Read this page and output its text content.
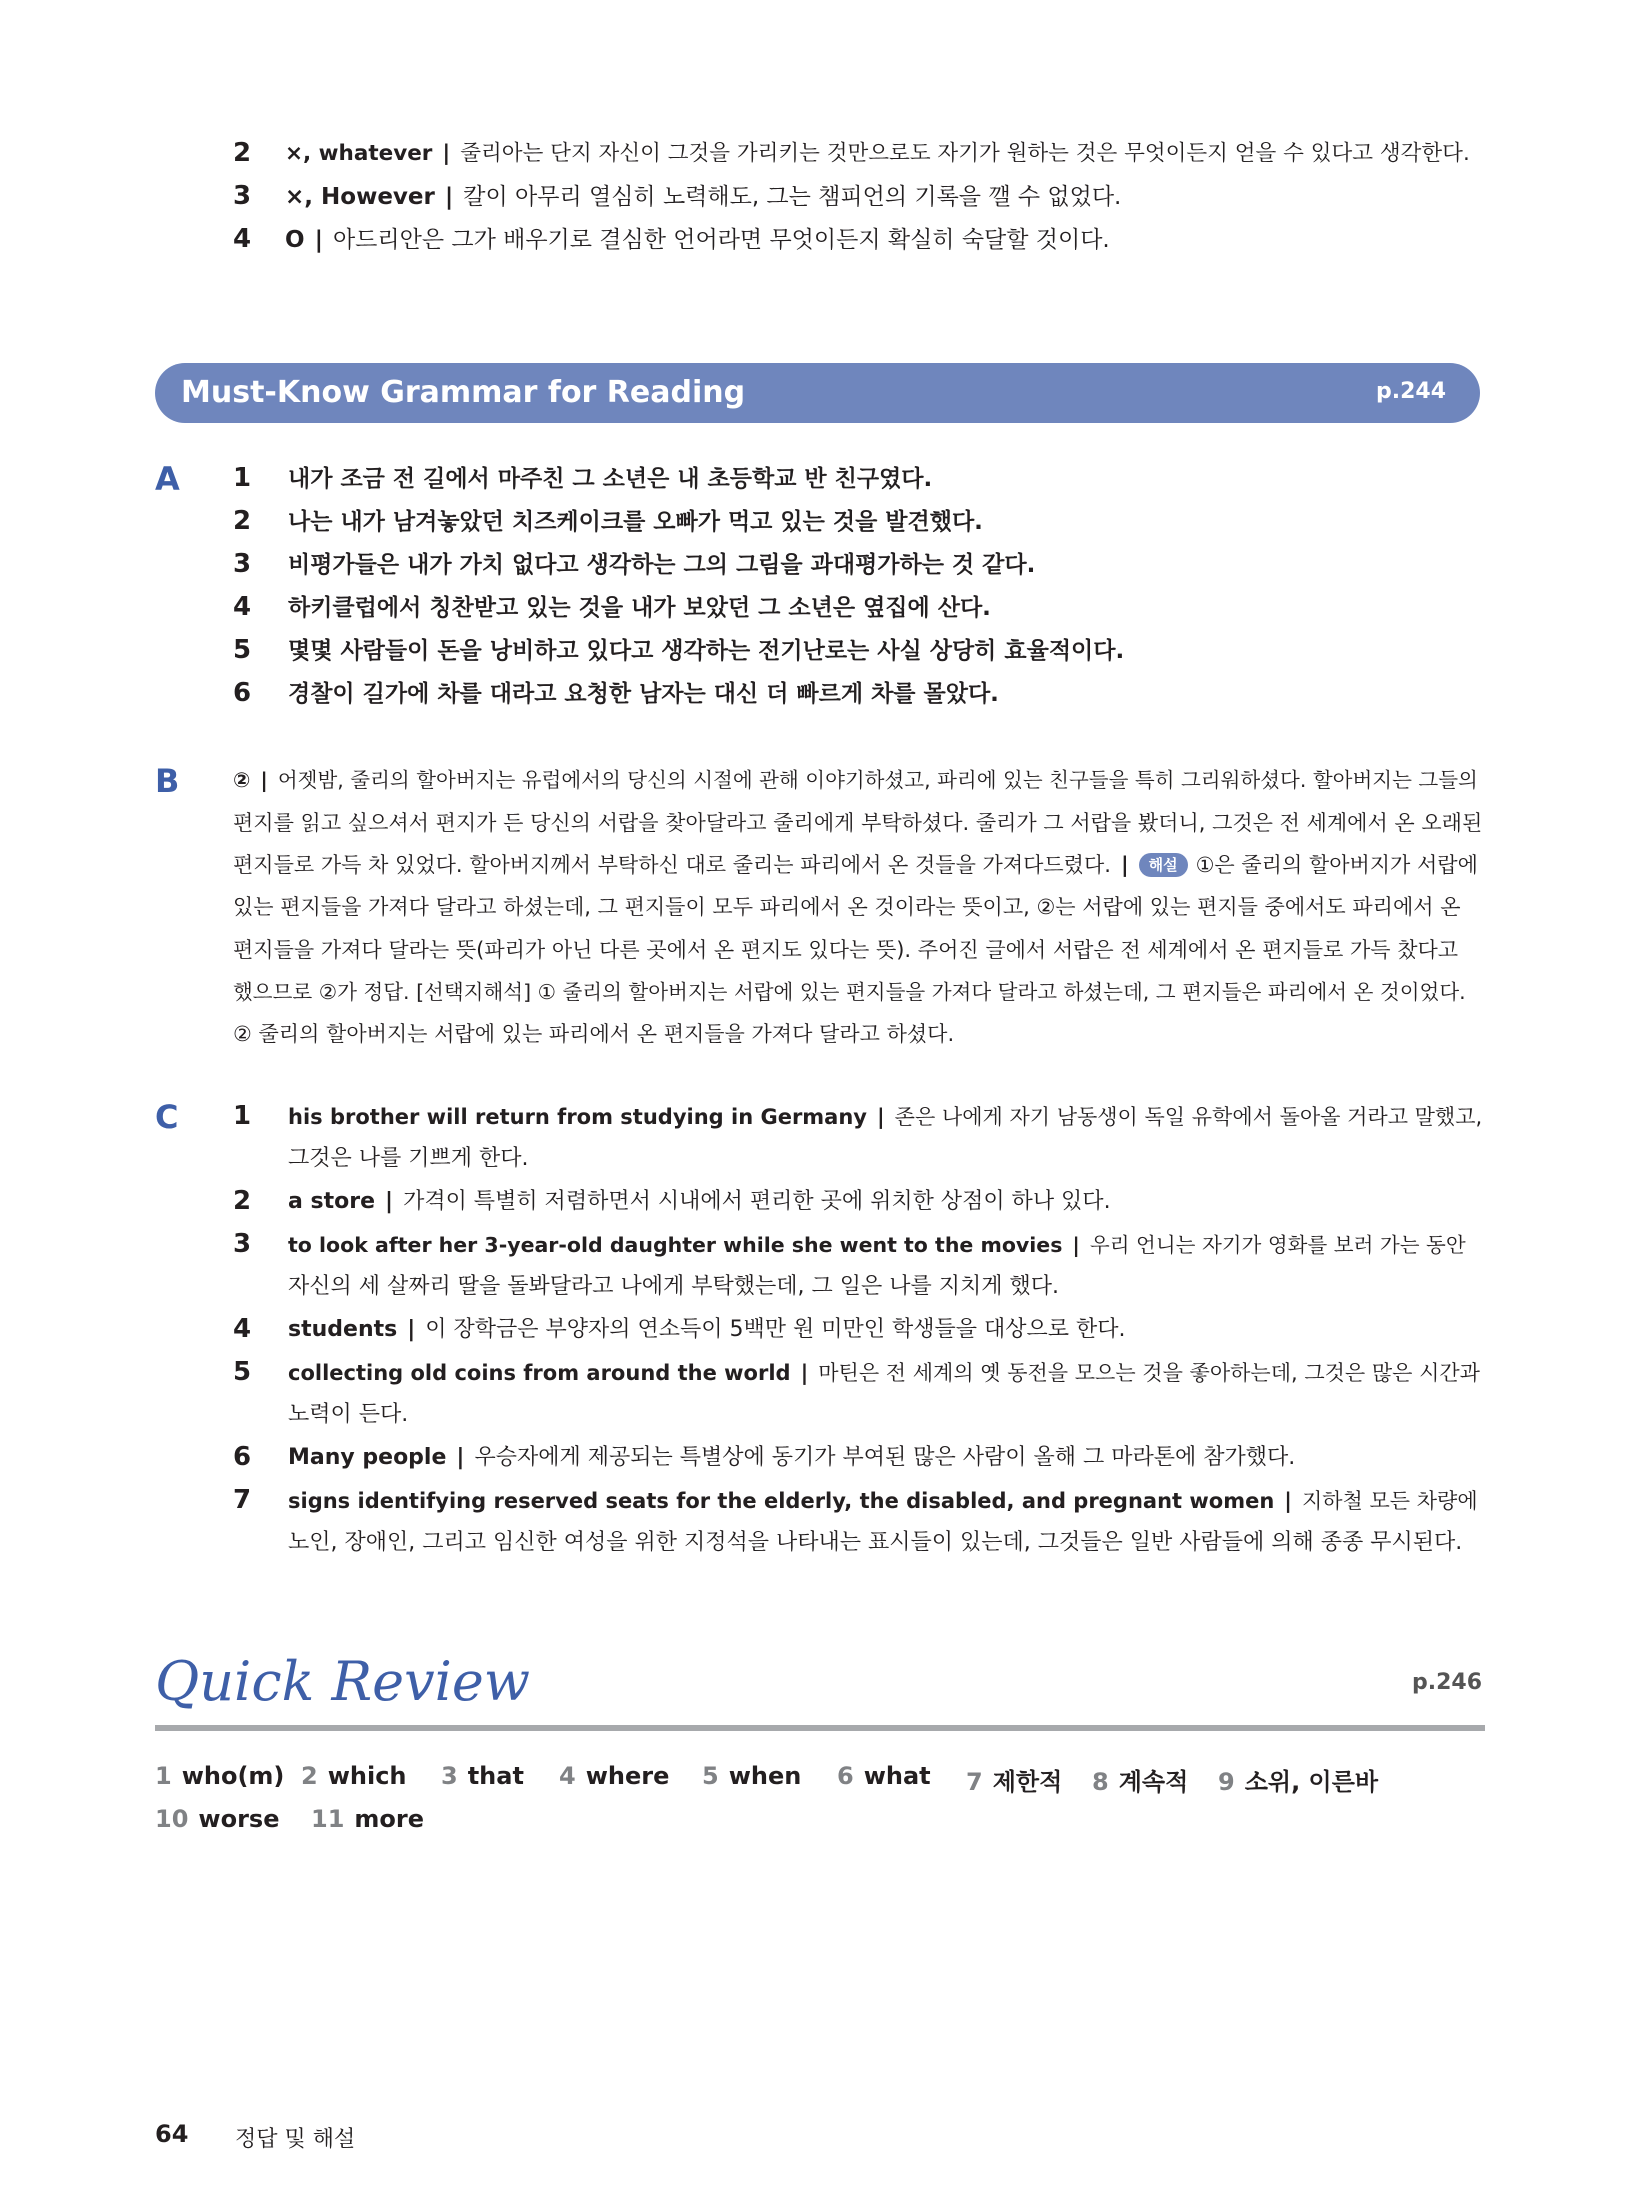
2	×, whatever | 줄리아는 단지 자신이 그것을 가리키는 것만으로도 자기가 원하는 것은 무엇이든지 얻을 수 있다고 생각한다.
3	×, However | 칼이 아무리 열심히 노력해도, 그는 챔피언의 기록을 깰 수 없었다.
4	O | 아드리안은 그가 배우기로 결심한 언어라면 무엇이든지 확실히 숙달할 것이다.
Must-Know Grammar for Reading	p.244
A 1	내가 조금 전 길에서 마주친 그 소년은 내 초등학교 반 친구였다.
2	나는 내가 남겨놓았던 치즈케이크를 오빠가 먹고 있는 것을 발견했다.
3	비평가들은 내가 가치 없다고 생각하는 그의 그림을 과대평가하는 것 같다.
4	하키클럽에서 칭찬받고 있는 것을 내가 보았던 그 소년은 옆집에 산다.
5	몇몇 사람들이 돈을 낭비하고 있다고 생각하는 전기난로는 사실 상당히 효율적이다.
6	경찰이 길가에 차를 대라고 요청한 남자는 대신 더 빠르게 차를 몰았다.
B	② | 어젯밤, 줄리의 할아버지는 유럽에서의 당신의 시절에 관해 이야기하셨고, 파리에 있는 친구들을 특히 그리워하셨다. 할아버지는 그들의
편지를 읽고 싶으셔서 편지가 든 당신의 서랍을 찾아달라고 줄리에게 부탁하셨다. 줄리가 그 서랍을 봤더니, 그것은 전 세계에서 온 오래된
편지들로 가득 차 있었다. 할아버지께서 부탁하신 대로 줄리는 파리에서 온 것들을 가져다드렸다. | 해설 ①은 줄리의 할아버지가 서랍에
있는 편지들을 가져다 달라고 하셨는데, 그 편지들이 모두 파리에서 온 것이라는 뜻이고, ②는 서랍에 있는 편지들 중에서도 파리에서 온
편지들을 가져다 달라는 뜻(파리가 아닌 다른 곳에서 온 편지도 있다는 뜻). 주어진 글에서 서랍은 전 세계에서 온 편지들로 가득 찼다고
했으므로 ②가 정답. [선택지해석] ① 줄리의 할아버지는 서랍에 있는 편지들을 가져다 달라고 하셨는데, 그 편지들은 파리에서 온 것이었다.
② 줄리의 할아버지는 서랍에 있는 파리에서 온 편지들을 가져다 달라고 하셨다.
C 1	his brother will return from studying in Germany | 존은 나에게 자기 남동생이 독일 유학에서 돌아올 거라고 말했고,
그것은 나를 기쁘게 한다.
2	a store | 가격이 특별히 저렴하면서 시내에서 편리한 곳에 위치한 상점이 하나 있다.
3	to look after her 3-year-old daughter while she went to the movies | 우리 언니는 자기가 영화를 보러 가는 동안
자신의 세 살짜리 딸을 돌봐달라고 나에게 부탁했는데, 그 일은 나를 지치게 했다.
4	students | 이 장학금은 부양자의 연소득이 5백만 원 미만인 학생들을 대상으로 한다.
5	collecting old coins from around the world | 마틴은 전 세계의 옛 동전을 모으는 것을 좋아하는데, 그것은 많은 시간과
노력이 든다.
6	Many people | 우승자에게 제공되는 특별상에 동기가 부여된 많은 사람이 올해 그 마라톤에 참가했다.
7	signs identifying reserved seats for the elderly, the disabled, and pregnant women | 지하철 모든 차량에
노인, 장애인, 그리고 임신한 여성을 위한 지정석을 나타내는 표시들이 있는데, 그것들은 일반 사람들에 의해 종종 무시된다.
Quick Review	p.246
1 who(m) 2 which 3 that 4 where 5 when 6 what 7 제한적 8 계속적 9 소위, 이른바
10 worse 11 more
64 정답 및 해설
